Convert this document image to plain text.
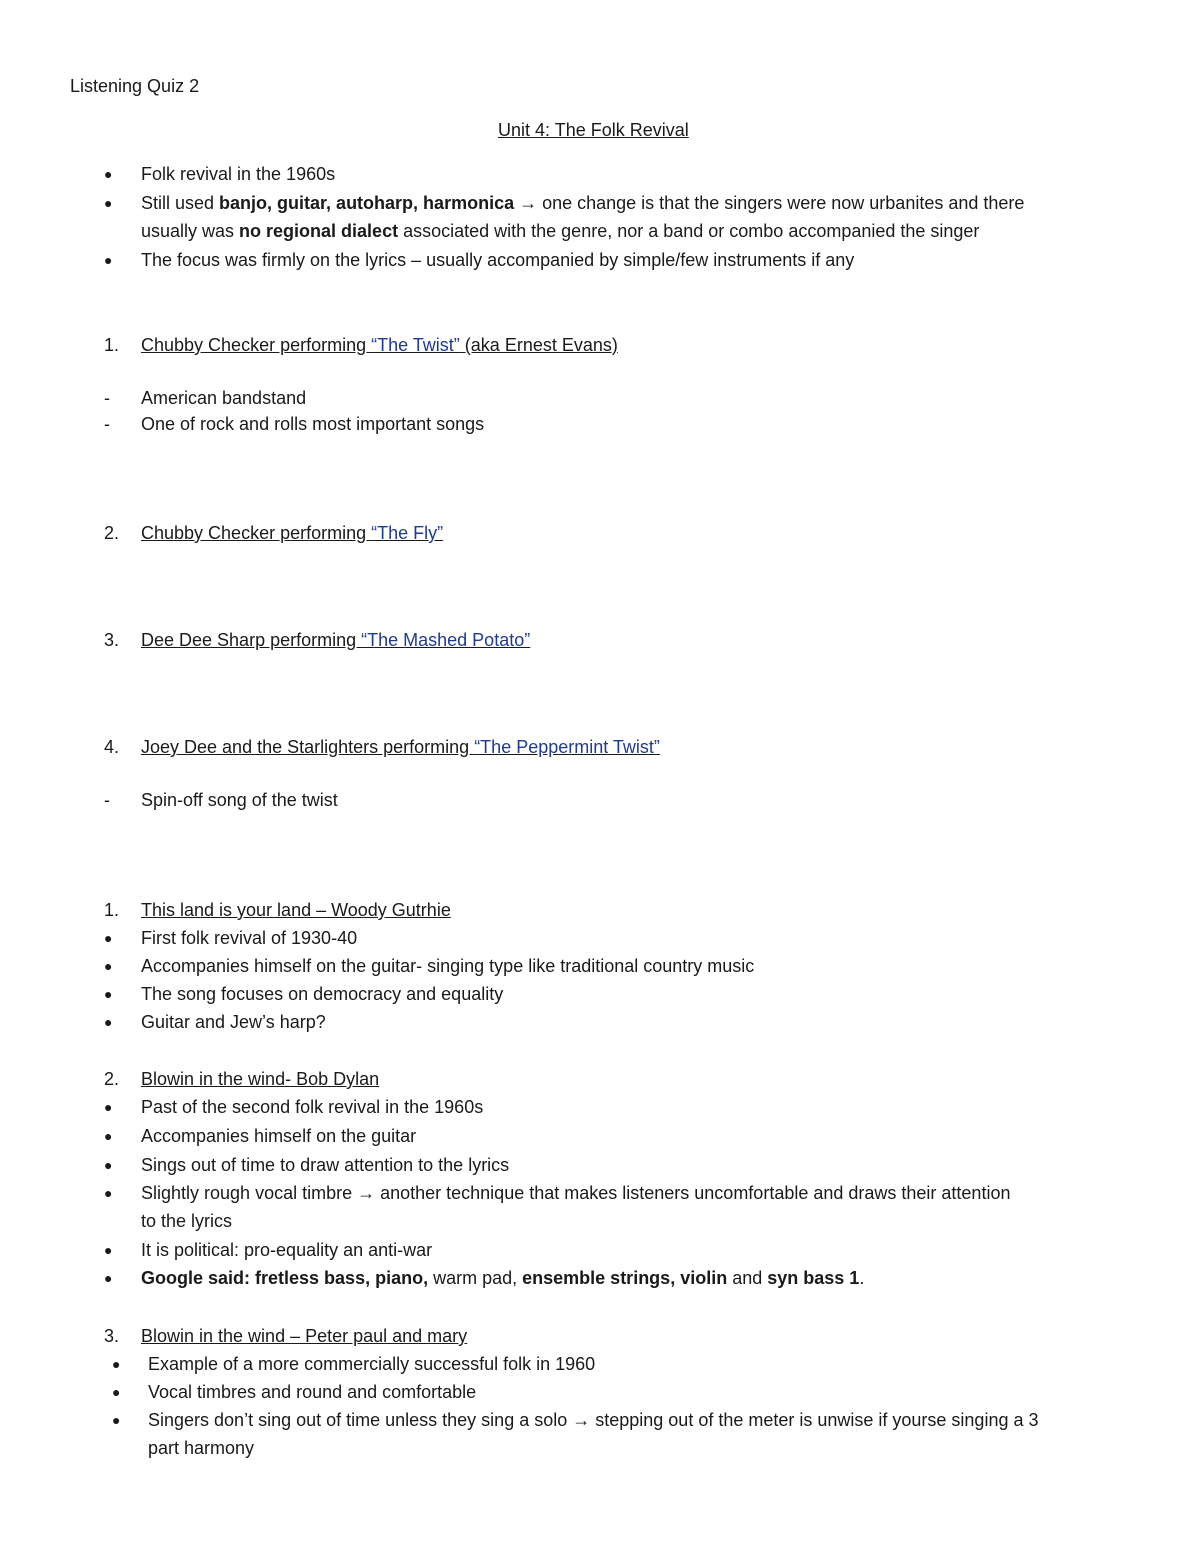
Listening Quiz 2
Unit 4: The Folk Revival
● Folk revival in the 1960s
● Still used banjo, guitar, autoharp, harmonica → one change is that the singers were now urbanites and there
usually was no regional dialect associated with the genre, nor a band or combo accompanied the singer
● The focus was firmly on the lyrics – usually accompanied by simple/few instruments if any
1. Chubby Checker performing “The Twist” (aka Ernest Evans)
- American bandstand
- One of rock and rolls most important songs
2. Chubby Checker performing “The Fly”
3. Dee Dee Sharp performing “The Mashed Potato”
4. Joey Dee and the Starlighters performing “The Peppermint Twist”
- Spin-off song of the twist
1. This land is your land – Woody Gutrhie
● First folk revival of 1930-40
● Accompanies himself on the guitar- singing type like traditional country music
● The song focuses on democracy and equality
● Guitar and Jew’s harp?
2. Blowin in the wind- Bob Dylan
● Past of the second folk revival in the 1960s
● Accompanies himself on the guitar
● Sings out of time to draw attention to the lyrics
● Slightly rough vocal timbre → another technique that makes listeners uncomfortable and draws their attention
to the lyrics
● It is political: pro-equality an anti-war
● Google said: fretless bass, piano, warm pad, ensemble strings, violin and syn bass 1.
3. Blowin in the wind – Peter paul and mary
● Example of a more commercially successful folk in 1960
● Vocal timbres and round and comfortable
● Singers don’t sing out of time unless they sing a solo → stepping out of the meter is unwise if yourse singing a 3
part harmony
